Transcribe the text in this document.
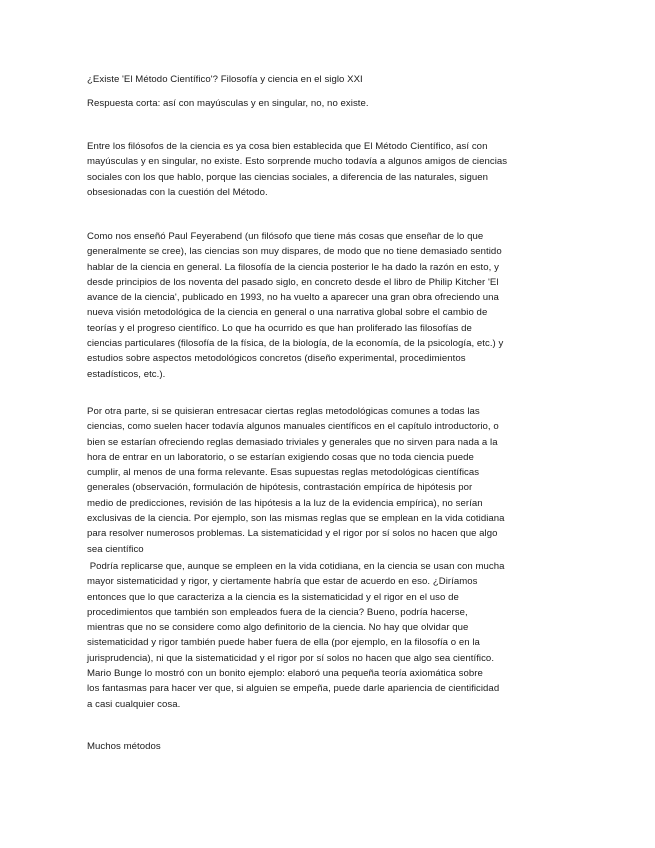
¿Existe 'El Método Científico'? Filosofía y ciencia en el siglo XXI

Respuesta corta: así con mayúsculas y en singular, no, no existe.

Entre los filósofos de la ciencia es ya cosa bien establecida que El Método Científico, así con
mayúsculas y en singular, no existe. Esto sorprende mucho todavía a algunos amigos de ciencias
sociales con los que hablo, porque las ciencias sociales, a diferencia de las naturales, siguen
obsesionadas con la cuestión del Método.

Como nos enseñó Paul Feyerabend (un filósofo que tiene más cosas que enseñar de lo que
generalmente se cree), las ciencias son muy dispares, de modo que no tiene demasiado sentido
hablar de la ciencia en general. La filosofía de la ciencia posterior le ha dado la razón en esto, y
desde principios de los noventa del pasado siglo, en concreto desde el libro de Philip Kitcher 'El
avance de la ciencia', publicado en 1993, no ha vuelto a aparecer una gran obra ofreciendo una
nueva visión metodológica de la ciencia en general o una narrativa global sobre el cambio de
teorías y el progreso científico. Lo que ha ocurrido es que han proliferado las filosofías de
ciencias particulares (filosofía de la física, de la biología, de la economía, de la psicología, etc.) y
estudios sobre aspectos metodológicos concretos (diseño experimental, procedimientos
estadísticos, etc.).

Por otra parte, si se quisieran entresacar ciertas reglas metodológicas comunes a todas las
ciencias, como suelen hacer todavía algunos manuales científicos en el capítulo introductorio, o
bien se estarían ofreciendo reglas demasiado triviales y generales que no sirven para nada a la
hora de entrar en un laboratorio, o se estarían exigiendo cosas que no toda ciencia puede
cumplir, al menos de una forma relevante. Esas supuestas reglas metodológicas científicas
generales (observación, formulación de hipótesis, contrastación empírica de hipótesis por
medio de predicciones, revisión de las hipótesis a la luz de la evidencia empírica), no serían
exclusivas de la ciencia. Por ejemplo, son las mismas reglas que se emplean en la vida cotidiana
para resolver numerosos problemas. La sistematicidad y el rigor por sí solos no hacen que algo
sea científico

Podría replicarse que, aunque se empleen en la vida cotidiana, en la ciencia se usan con mucha
mayor sistematicidad y rigor, y ciertamente habría que estar de acuerdo en eso. ¿Diríamos
entonces que lo que caracteriza a la ciencia es la sistematicidad y el rigor en el uso de
procedimientos que también son empleados fuera de la ciencia? Bueno, podría hacerse,
mientras que no se considere como algo definitorio de la ciencia. No hay que olvidar que
sistematicidad y rigor también puede haber fuera de ella (por ejemplo, en la filosofía o en la
jurisprudencia), ni que la sistematicidad y el rigor por sí solos no hacen que algo sea científico.
Mario Bunge lo mostró con un bonito ejemplo: elaboró una pequeña teoría axiomática sobre
los fantasmas para hacer ver que, si alguien se empeña, puede darle apariencia de cientificidad
a casi cualquier cosa.

Muchos métodos
